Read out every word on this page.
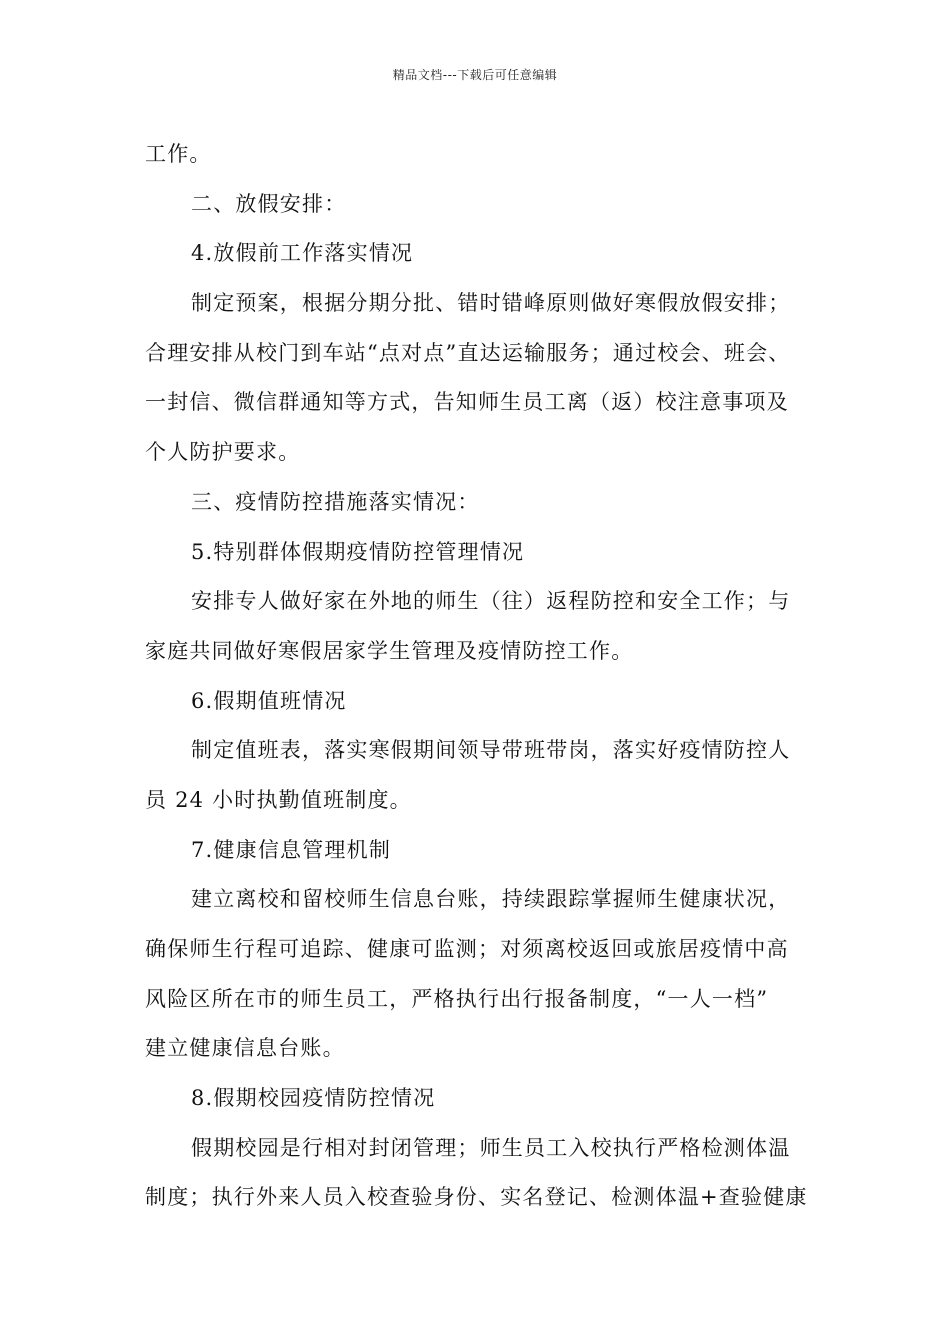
精品文档---下载后可任意编辑
工作。
二、放假安排：
4.放假前工作落实情况
制定预案，根据分期分批、错时错峰原则做好寒假放假安排；
合理安排从校门到车站“点对点”直达运输服务；通过校会、班会、
一封信、微信群通知等方式，告知师生员工离（返）校注意事项及
个人防护要求。
三、疫情防控措施落实情况：
5.特别群体假期疫情防控管理情况
安排专人做好家在外地的师生（往）返程防控和安全工作；与
家庭共同做好寒假居家学生管理及疫情防控工作。
6.假期值班情况
制定值班表，落实寒假期间领导带班带岗，落实好疫情防控人
员 24 小时执勤值班制度。
7.健康信息管理机制
建立离校和留校师生信息台账，持续跟踪掌握师生健康状况，
确保师生行程可追踪、健康可监测；对须离校返回或旅居疫情中高
风险区所在市的师生员工，严格执行出行报备制度，“一人一档”
建立健康信息台账。
8.假期校园疫情防控情况
假期校园是行相对封闭管理；师生员工入校执行严格检测体温
制度；执行外来人员入校查验身份、实名登记、检测体温+查验健康
